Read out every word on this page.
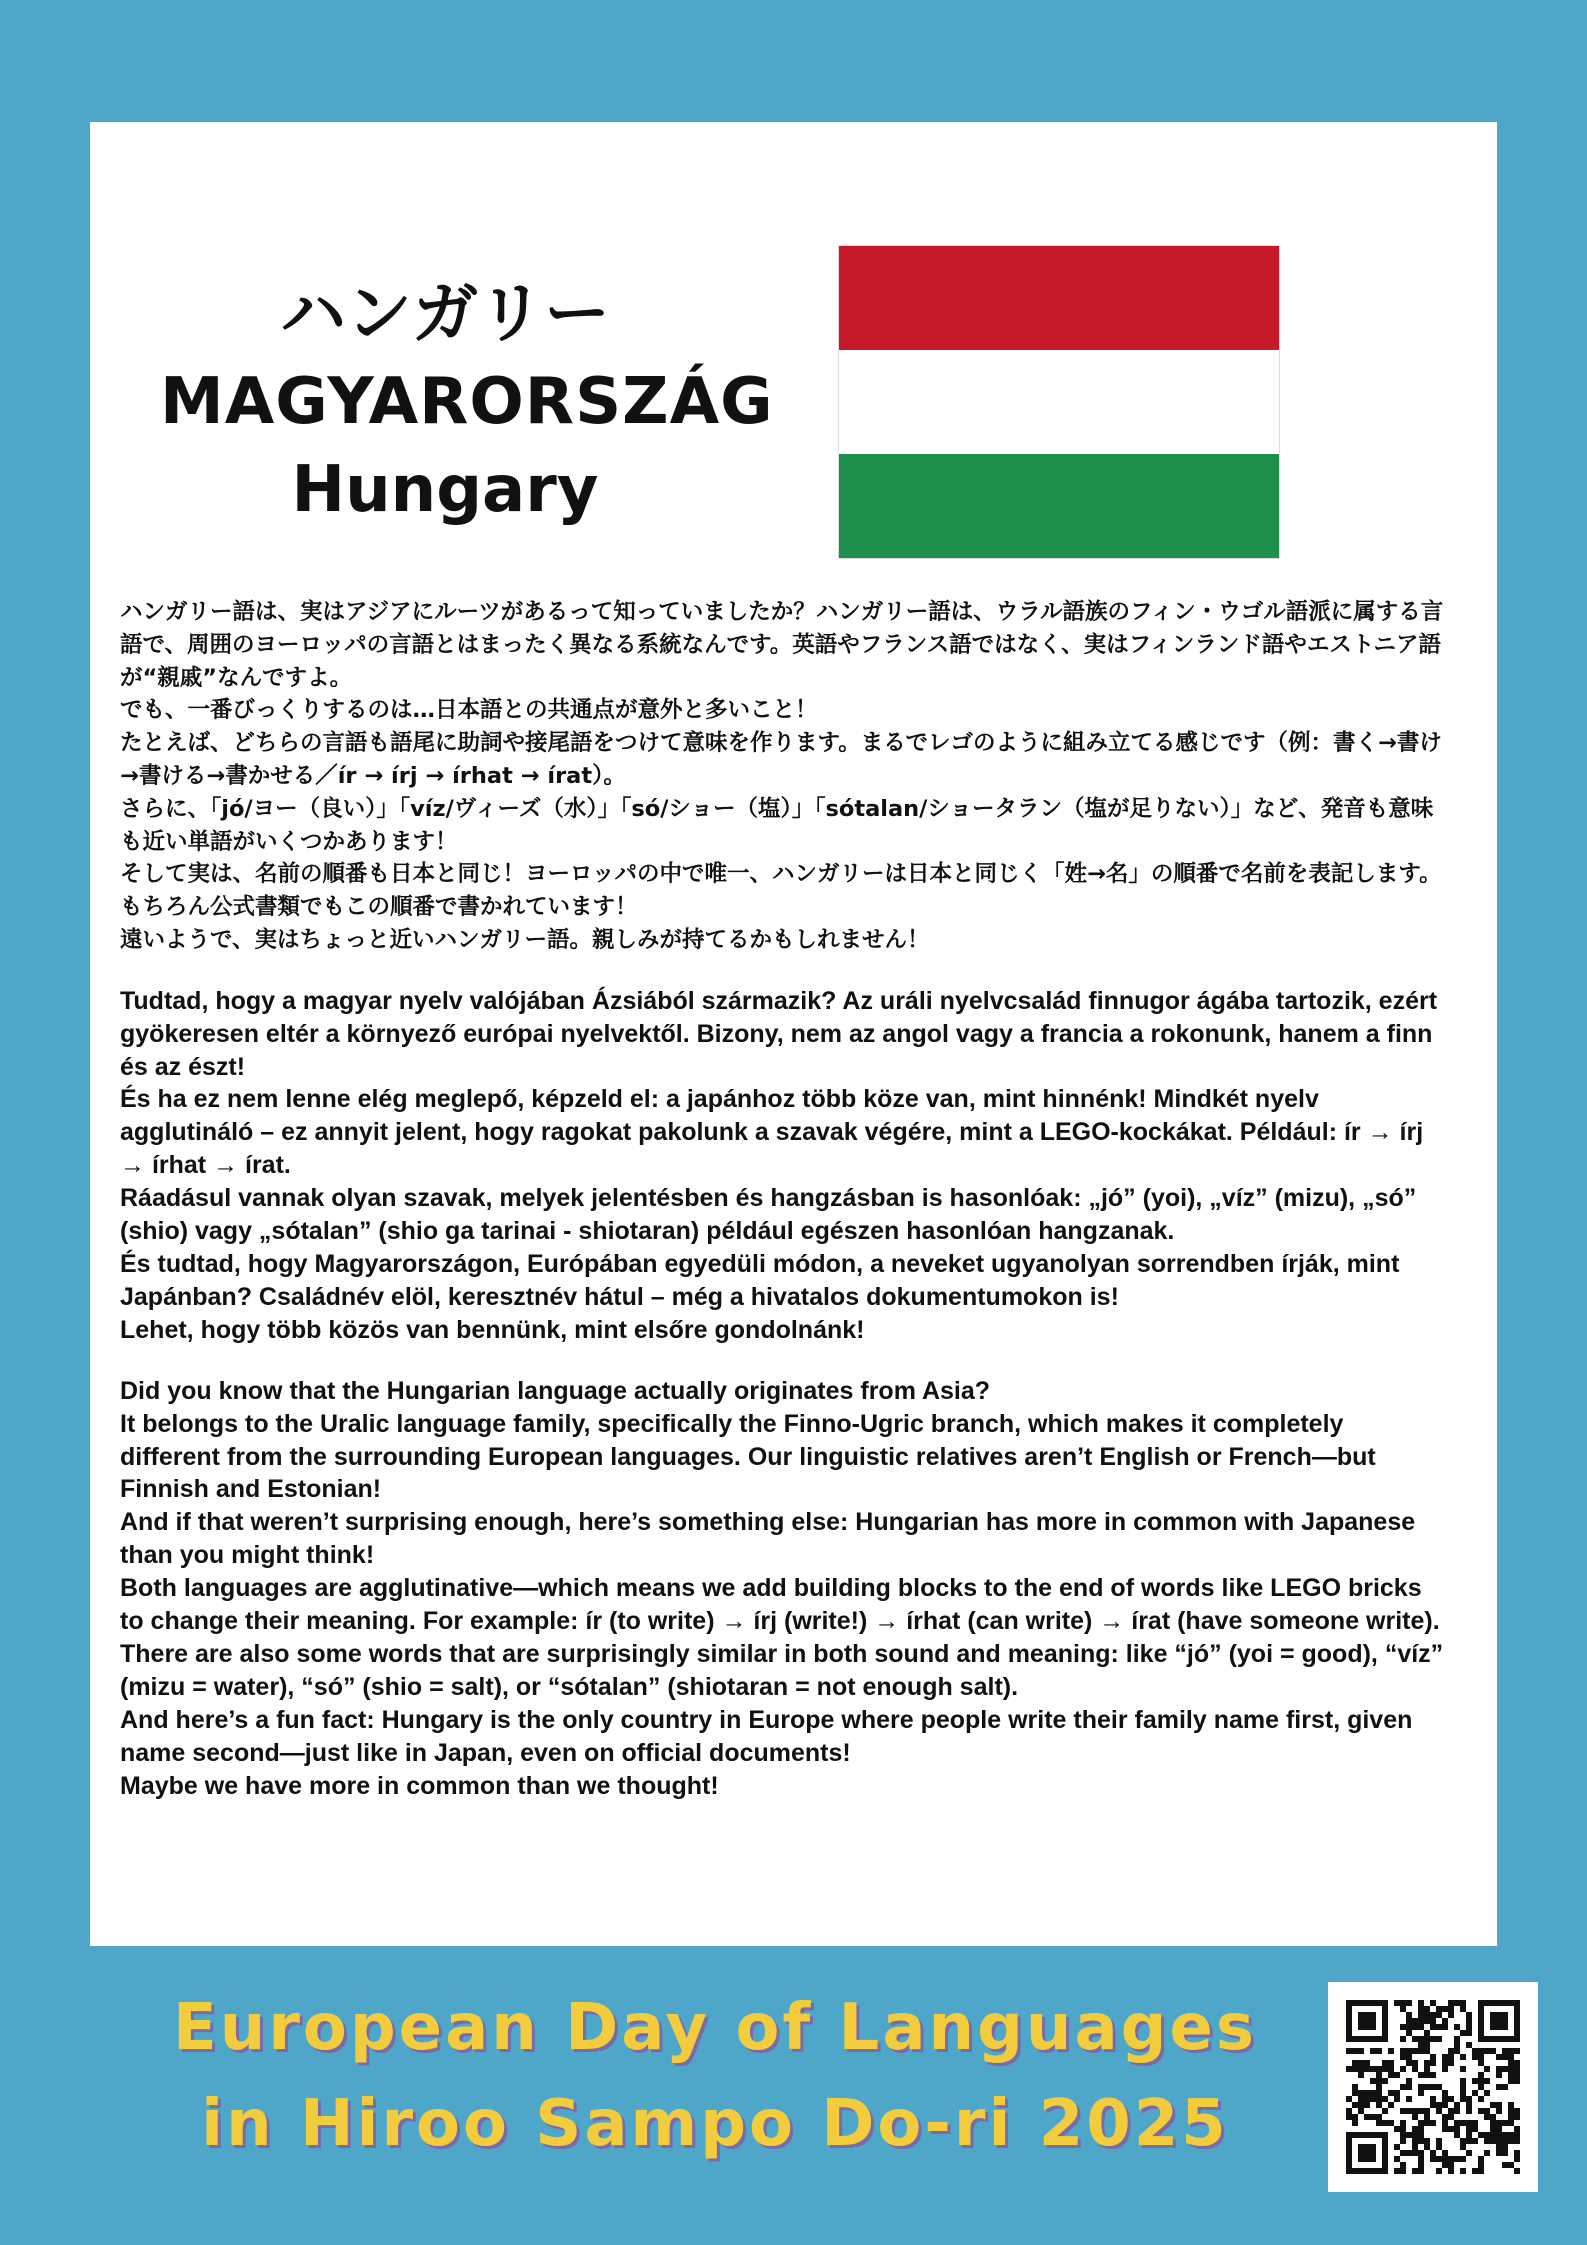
ハンガリー
MAGYARORSZÁG
Hungary

ハンガリー語は、実はアジアにルーツがあるって知っていましたか？ハンガリー語は、ウラル語族のフィン・ウゴル語派に属する言語で、周囲のヨーロッパの言語とはまったく異なる系統なんです。英語やフランス語ではなく、実はフィンランド語やエストニア語が“親戚”なんですよ。

でも、一番びっくりするのは…日本語との共通点が意外と多いこと！

たとえば、どちらの言語も語尾に助詞や接尾語をつけて意味を作ります。まるでレゴのように組み立てる感じです（例：書く→書け→書ける→書かせる／ír → írj → írhat → írat）。

さらに、「jó/ヨー（良い）」「víz/ヴィーズ（水）」「só/ショー（塩）」「sótalan/ショータラン（塩が足りない）」など、発音も意味も近い単語がいくつかあります！

そして実は、名前の順番も日本と同じ！ヨーロッパの中で唯一、ハンガリーは日本と同じく「姓→名」の順番で名前を表記します。もちろん公式書類でもこの順番で書かれています！

遠いようで、実はちょっと近いハンガリー語。親しみが持てるかもしれません！

Tudtad, hogy a magyar nyelv valójában Ázsiából származik? Az uráli nyelvcsalád finnugor ágába tartozik, ezért gyökeresen eltér a környező európai nyelvektől. Bizony, nem az angol vagy a francia a rokonunk, hanem a finn és az észt!

És ha ez nem lenne elég meglepő, képzeld el: a japánhoz több köze van, mint hinnénk! Mindkét nyelv agglutináló – ez annyit jelent, hogy ragokat pakolunk a szavak végére, mint a LEGO-kockákat. Például: ír → írj → írhat → írat.

Ráadásul vannak olyan szavak, melyek jelentésben és hangzásban is hasonlóak: „jó” (yoi), „víz” (mizu), „só” (shio) vagy „sótalan” (shio ga tarinai - shiotaran) például egészen hasonlóan hangzanak.

És tudtad, hogy Magyarországon, Európában egyedüli módon, a neveket ugyanolyan sorrendben írják, mint Japánban? Családnév elöl, keresztnév hátul – még a hivatalos dokumentumokon is!

Lehet, hogy több közös van bennünk, mint elsőre gondolnánk!

Did you know that the Hungarian language actually originates from Asia?

It belongs to the Uralic language family, specifically the Finno-Ugric branch, which makes it completely different from the surrounding European languages. Our linguistic relatives aren’t English or French—but Finnish and Estonian!

And if that weren’t surprising enough, here’s something else: Hungarian has more in common with Japanese than you might think!

Both languages are agglutinative—which means we add building blocks to the end of words like LEGO bricks to change their meaning. For example: ír (to write) → írj (write!) → írhat (can write) → írat (have someone write).

There are also some words that are surprisingly similar in both sound and meaning: like “jó” (yoi = good), “víz” (mizu = water), “só” (shio = salt), or “sótalan” (shiotaran = not enough salt).

And here’s a fun fact: Hungary is the only country in Europe where people write their family name first, given name second—just like in Japan, even on official documents!

Maybe we have more in common than we thought!

European Day of Languages
in Hiroo Sampo Do-ri 2025
